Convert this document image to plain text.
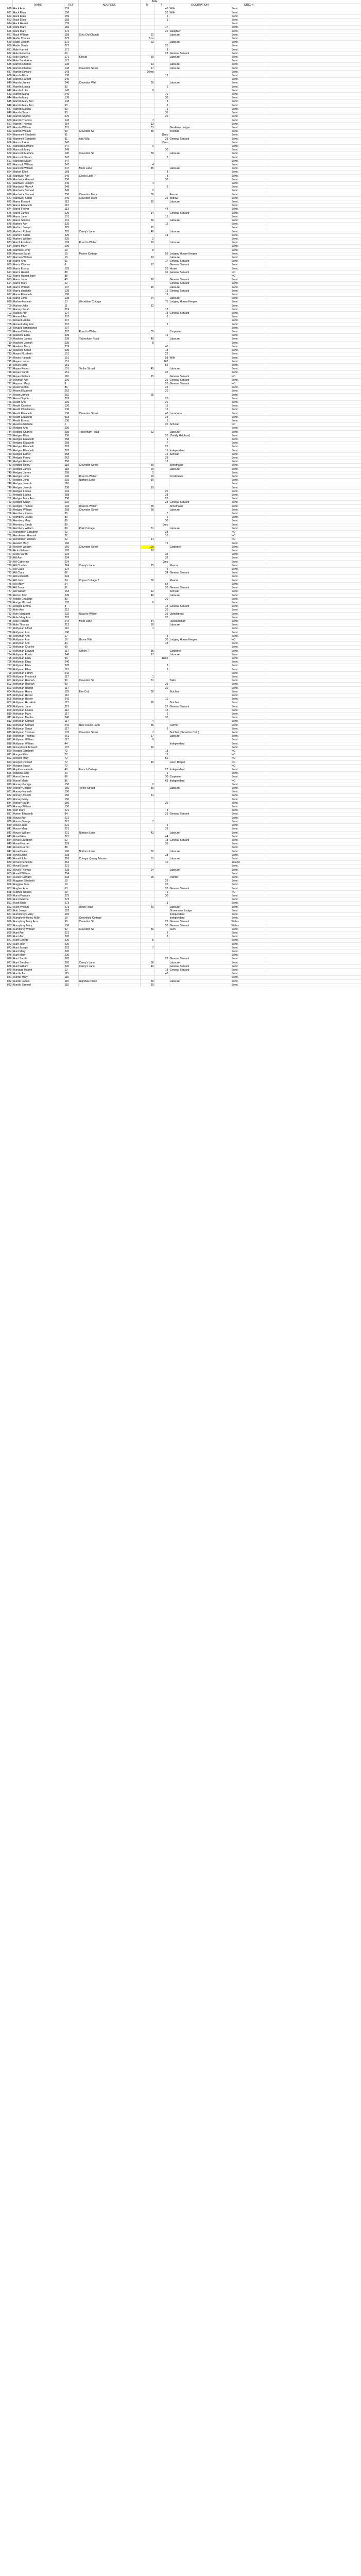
				AGE				
	NAME	REF	ADDRESS	M	F	OCCUPATION	ORIGIN	
620	Hack Ann	159			45	Wife	Somt.	
621	Hack Eliza	158			20	Wife	Somt.	
622	Hack Eliza	159			6		Somt.	
623	Hack Ellen	158			1		Somt.	
624	Hack Harriet	159					Somt.	
625	Hack Mary	159			17		Somt.	
626	Hack Mary	272			20	Daughter	Somt.	
627	Hack William	158	St to Old Church	22		Labourer	Somt.	
628	Hadie Charles	272		2mo			Somt.	
629	Hadie Joseph	272		23		Labourer	Somt.	
630	Hadie Sarah	272			20		Somt.	
631	Hale Harriett	171			8		Somt.	
632	Hale Rebecca	60			28	General Servant	Somt.	
633	Hale Samuel	171	Stroud	30		Labourer	Somt.	
634	Hale Sarah Ann	171					Somt.	
635	Hamlin Charles	138		13		Labourer	Somt.	
636	Hamlin Charles	143	Clevedon Street	17		Labourer	Somt.	
637	Hamlin Edward	143		10mo			Somt.	
638	Hamlin Eliza	138			12		Somt.	
639	Hamlin Harriett	140					Somt.	
640	Hamlin James	246	Clevedon Wall	30		Labourer	Somt.	
641	Hamlin Louisa	93			6		Somt.	
642	Hamlin Luke	143		9			Somt.	
643	Hamlin Maria	246			70		Somt.	
644	Hamlin Mary	138			30		Somt.	
645	Hamlin Mary Ann	143			3		Somt.	
646	Hamlin Mary Ann	93			8		Somt.	
647	Hamlin Matilda	93			1		Somt.	
648	Hamlin Sarah	93			35		Somt.	
649	Hamlin Sophia	275			20		Somt.	
650	Hamlin Thomas	143		7			Somt.	
651	Hamlin Thomas	254		13			Somt.	
652	Hamlin William	201		31		Gardener Lodger	Somt.	
653	Hamlin William	93	Clevedon St.	39		Yeoman	Somt.	
654	Hammett Elizabeth	91			11mo		Somt.	
655	Hammett Elizabeth	91	Alta Villa		28	General Servant	Somt.	
656	Hancock Ann	247			10mo		Somt.	
657	Hancock Edward	247		9			Somt.	
658	Hancock Mary	249			30		Somt.	
659	Hancock Mathew	100	Clevedon St	30		Labourer	Somt.	
660	Hancock Sarah	247			3		Somt.	
661	Hancock Sarah	247					Somt.	
662	Hancock William	247		4			Somt.	
663	Hancock William	247	Moor Lane	45		Labourer	Somt.	
664	Harbor Ellen	168			8		Somt.	
665	Hardwick Ann	249	Cooks Lane ?		8		Somt.	
666	Hardwick Hannah	250			30		Somt.	
667	Hardwick Joseph	249		4			Somt.	
668	Hardwick Mary A	249			6		Somt.	
669	Hardwick Samuel	249		2			Somt.	
670	Hardwick Samuel	250	Clevedon Moor	30		Farmer	Somt.	
671	Hardwick Sarah	249	Clevedon Moor		26	Widow	Somt.	
672	Hares Edward	113		15		Labourer	Somt.	
673	Hares Elizabeth	113					Somt.	
674	Hares Flower	113			44		Somt.	
675	Hares James	229		14		General Servant	Somt.	
676	Hares Jane	131			15		Somt.	
677	Hares Simeon	131		56		Labourer	Somt.	
678	Harford Ann	225			12		Somt.	
679	Harford Joseph	225		12			Somt.	
680	Harford Robert	225	Carey's Lane	46		Labourer	Somt.	
681	Harford Sarah	225			44		Somt.	
682	Harford William	225		2			Somt.	
683	Harrill Abraham	199	Road to Walton	19		Labourer	Somt.	
684	Harrill Mary	199					Somt.	
685	Harman Henry	19		8			Somt.	
686	Harman Sarah	19	Marine Cottage		56	Lodging House Keeper	Somt.	
687	Harman William	19		10		Labourer	Somt.	
688	Harris Ann	61			17	General Servant	Somt.	
689	Harris Charles	6		17		General Servant	Somt.	
690	Harris Emma	129			20	Honiel	Somt.	
691	Harris Harriet	88			31	General Servant	NO	
692	Harris Harriet Jane	88					NO	
693	Harris John	40		18		General Servant	Somt.	
694	Harris Mary	12				General Servant	Somt.	
695	Harris William	137		15		Labourer	Somt.	
696	Harris charlotte	138			19	General Servant	Somt.	
697	Harse Elizabeth	108			19		Somt.	
698	Harse John	108		24		Labourer	Somt.	
699	Harlow Hannah	13	Woodbine Cottage		75	Lodging House Keeper	Somt.	
700	Harlow John	11		12			Somt.	
701	Harvey Sarah	219			13		Somt.	
702	Hassell Ann	127			13	General Servant	Somt.	
703	Havard Ann	207			8		Somt.	
704	Havard Emma	207					Somt.	
705	Havard Mary Ann	207			2		Somt.	
706	Havard Temperance	207					Somt.	
707	Havard William	207	Road to Walton	35		Carpenter	Somt.	
708	Hawkins Eliza	239			16		Somt.	
709	Hawkins James	239	Tickenham Road	40		Labourer	Somt.	
710	Hawkins Joseph	239		8			Somt.	
711	Hawkins Mary	239			40		Somt.	
712	Hawkins Sarah	239			18		Somt.	
713	Hayes Elizabeth	151			22		Somt.	
714	Hayes Hannah	151			58	Wife	Somt.	
715	Hayes Louisa	151			167		Somt.	
716	Hayes Mark	151			56		Somt.	
717	Hayes Robert	151	To the Stroud	45		Labourer	Somt.	
718	Hayes Sarah	151			22		Somt.	
719	Hayes William	110		15		General Servant	NO	
720	Hayman Ann	196			26	General Servant	Somt.	
721	Hayman Mary	9			20	General Servant	NO	
722	Head Sophia	86			25		Somt.	
723	Hearn Elizabeth	262			20		Somt.	
724	Hearn James	262		25			Somt.	
725	Heard Sophia	262			25		Somt.	
726	Heath Ann	136			20		Somt.	
727	Heath Caroline	136			11		Somt.	
728	Heath Christianna	136			16		Somt.	
729	Heath Elizabeth	136	Clevedon Street		40	Laundress	Somt.	
730	Heath Elizabeth	918			25		Somt.	
731	Heath Emma	136			5		Somt.	
732	Heaton Adelaide	1			20	Scholar	NO	
733	Hedges Ann	235					Somt.	
734	Hedges Charles	235	Tickenham Road	62		Labourer	Somt.	
735	Hedges Eliza	258			20	(Totally Helpless)	Somt.	
736	Hedges Elizabeth	258			1		Somt.	
737	Hedges Elizabeth	258			7		Somt.	
738	Hedges Elizabeth	262			20		Somt.	
739	Hedges Elizabeth	262			16	Independent	Somt.	
740	Hedges Esther	258			12	Scholar	Somt.	
741	Hedges Fanny	262			29		Somt.	
742	Hedges Hannah	258			13		Somt.	
743	Hedges Henry	118	Clevedon Street	30		Shoemaker	Somt.	
744	Hedges James	118		20		Labourer	Somt.	
745	Hedges James	258		2			Somt.	
746	Hedges John	196	Road to Walton	20		Cordwainer	Somt.	
747	Hedges John	215	Nortons Lane	30			Somt.	
748	Hedges Joseph	118					Somt.	
749	Hedges Joseph	258		19			Somt.	
750	Hedges Louisa	194			20		Somt.	
751	Hedges Louisa	258			28		Somt.	
752	Hedges Mary Ann	258			20		Somt.	
753	Hedges Sarah	202			28	General Servant	Somt.	
754	Hedges Thomas	194	Road to Walton	35		Shoemaker	Somt.	
755	Hedges William	258	Clevedon Street	28		Labourer	Somt.	
756	Hembery Emma	89			7		Somt.	
757	Hembery Louisa	89			6		Somt.	
758	Hembery Mary	89			30		Somt.	
759	Hembery Sarah	89			3mo		Somt.	
760	Hembery William	89	Park Cottage	31		Labourer	Somt.	
761	Henderson Elizabeth	22			38		NO	
762	Henderson Hannah	22			10		NO	
763	Henderson William	22		14			NO	
764	Hewlett Mary	166			76		Somt.	
765	Hewlett William	166	Clevedon Street	100		Carpenter	Somt.	
766	Hicks Edward	193		10			Somt.	
767	Hicks Sarah	193			34		Somt.	
768	Hill Ann	224			32		Somt.	
769	Hill Catherine	224			2mo		Somt.	
770	Hill Charles	224	Carey's Lane	25		Mason	Somt.	
771	Hill Clara	224			4		Somt.	
772	Hill Clara	86			24	General Servant	Somt.	
773	Hill Elizabeth	224					Somt.	
774	Hill John	24	Copse Cottage ?	50		Mason	Somt.	
775	Hill Mary	24			54		Somt.	
776	Hill Susan	91			20	General Servant	Somt.	
777	Hill William	163		12		Scholar	Somt.	
778	Hinton John	249		40		Labourer	Somt.	
779	Hobbs Charlotte	80			20		Somt.	
780	Hodge Michael	183		6			Somt.	
781	Hodges Emma	8			13	General Servant	Somt.	
782	Hole Ann	212			20		Somt.	
783	Hole Margaret	202	Road to Walton		25	Upholstress	Somt.	
784	Hole Mary Ann	202			20		Somt.	
785	Hole Richard	244	Moor Lane	54		Husbandman	Somt.	
786	Hole Thomas	212		20		Labourer	Somt.	
787	Hollyman Alfred	112		1			Somt.	
788	Hollyman Ann	190					Somt.	
789	Hollyman Ann	17			8		Somt.	
790	Hollyman Ann	16	Grove Villa		30	Lodging House Keeper	NO	
791	Hollyman Ann	44			43		Somt.	
792	Hollyman Charles	99					Somt.	
793	Hollyman Edward	117	Ashley ?	35		Carpenter	Somt.	
794	Hollyman Edwin	240		17		Labourer	Somt.	
795	Hollyman Eliza	99			11mo		Somt.	
796	Hollyman Eliza	240					Somt.	
797	Hollyman Eliza	278			3		Somt.	
798	Hollyman Ellen	112			3		Somt.	
799	Hollyman Family	242					Somt.	
800	Hollyman Frederick	117		1			Somt.	
801	Hollyman Hannah	99	Clevedon St.	31		Tailor	Somt.	
802	Hollyman Hannah	99			29		Somt.	
803	Hollyman Harriet	117			30		Somt.	
804	Hollyman Henry	125	Elm Cott.	30		Butcher	Somt.	
805	Hollyman Hester	112					Somt.	
806	Hollyman Hester	242			10		Somt.	
807	Hollyman Hezekiah	112		20		Butcher	Somt.	
808	Hollyman Jane	221			26	General Servant	Somt.	
809	Hollyman Louisa	112			15		Somt.	
810	Hollyman Mary	117			2		Somt.	
811	Hollyman Martha	240			37		Somt.	
812	Hollyman Samuel	117		4			Somt.	
813	Hollyman Samuel	242	New House Farm	35		Farmer	Somt.	
814	Hollyman Sarah	117			6		Somt.	
815	Hollyman Thomas	132	Clevedon Street	7		Butcher (Clevedon Cott.)	Somt.	
816	Hollyman Thomas	261		17		Labourer	Somt.	
817	Hollyman William	117		8			Somt.	
818	Hollyman William	44				Independent	Somt.	
819	Honeybrook Edward	197		16			Somt.	
820	Hooper Elizabeth	72			18		NO	
821	Hooper Eliza	72			16		NO	
822	Hooper Mary	72			50		NO	
823	Hooper Richard	72		40		Linen Draper	NO	
824	Hooper Susan	72					NO	
825	Hopkins Hannah	40	French Cottage		27	Independent	Somt.	
826	Hopkins Mary	40			1		Somt.	
827	Horrel James	86			30	Carpenter	Somt.	
828	Horsel Marie	86			63	Independent	NO	
829	Horsey George	150		2			Somt.	
830	Horsey George	150	To the Stroud	30		Labourer	Somt.	
831	Horsey Hannah	150					Somt.	
832	Horsey Joseph	150		11			Somt.	
833	Horsey Mary	150					Somt.	
834	Horsey Sarah	150			32		Somt.	
835	Horsey William	150					Somt.	
836	Hort Mary	221			3		Somt.	
837	Horton Elizabeth	84			25	General Servant	Somt.	
838	House Ann	221					Somt.	
839	House George	221		7			Somt.	
840	House Jane	221			5		Somt.	
841	House Mary	221			28		Somt.	
842	House William	221	Nortons Lane	43		Labourer	Somt.	
843	Hovell Ann	221			44		Somt.	
844	Hovell Elizabeth	22			18	General Servant	Somt.	
845	Hovell Harriet	229			36		Somt.	
846	Hovell Harriet	88					Somt.	
847	Hovell Isaac	196	Nortons Lane	32		Labourer	Somt.	
848	Hovell Jane	218			38		Somt.	
849	Hovell John	218	Cutagar Quarry Marren	51		Labourer	Somt.	
850	Hovell Penelope	254			40		Ireland	
851	Hovell Sarah	221					Somt.	
852	Hovell Thomas	228		24		Labourer	Somt.	
853	Hovell William	254					Somt.	
854	Hucker Edward	233		25		Painter	Somt.	
855	Huggins Elizabeth	19			26		Somt.	
856	Huggins Jane	19			20		Somt.	
857	Hughes Ann	63			20	General Servant	Somt.	
858	Hughes Rosina	29			9		NO	
859	Hurst Frances	273			30		Somt.	
860	Hurst Martha	273					Somt.	
861	Hush Ruth	273			3		Somt.	
862	Hush William	273	Hewn Road	40		Labourer	Somt.	
863	Hutt Joseph	182				Shoemaker Lodger	Somt.	
864	Humphreys Mary	182				Independent	Somt.	
865	Humphrey Henry Millin	19	Greenfield Cottage			Independent	Somt.	
866	Humphrey Mary Ann	99	Clevedon St.		22	General Servant	Wales	
867	Humphrey Mary	150			20	General Servant	Wales	
868	Humphrey William	92	Clevedon St	56		Clerk	Somt.	
869	Hunt Ann	221			3		Somt.	
870	Hunt Ann	220			8		Somt.	
871	Hunt George	220		5			Somt.	
872	Hunt John	220					Somt.	
873	Hunt Joseph	222		7			Somt.	
874	Hunt Mary	220					Somt.	
875	Hunt Mary	220					Somt.	
876	Hunt Sarah	220			22	General Servant	Somt.	
877	Hunt Stephen	220	Carey's Lane	36		Labourer	Somt.	
878	Hunt William	220	Carey's Lane	40		General Servant	Somt.	
879	Hurdage Harriet	10			18	General Servant	Somt.	
880	Hurdle Ann	115			40		Somt.	
881	Hurdle Mary	115					Somt.	
882	Hurdle James	115	Highdale Place	30		Labourer	Somt.	
883	Hurdle Samuel	115		10			Somt.	
